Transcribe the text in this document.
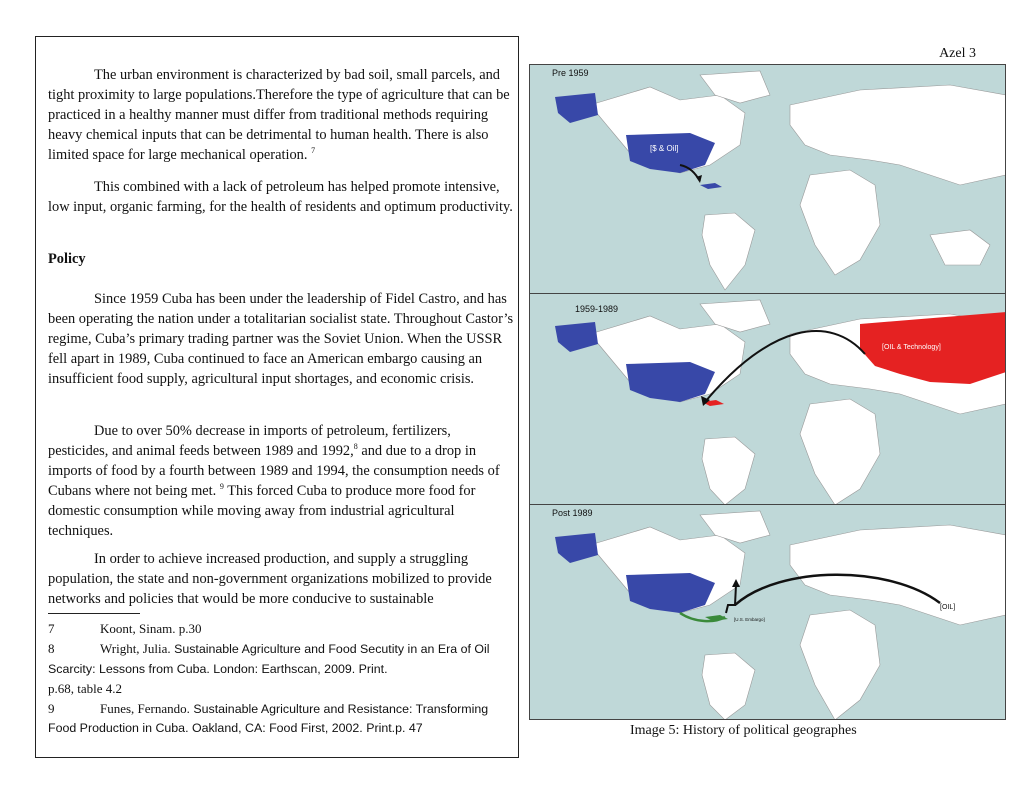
Azel 3

The urban environment is characterized by bad soil, small parcels, and tight proximity to large populations.Therefore the type of agriculture that can be practiced in a healthy manner must differ from traditional methods requiring heavy chemical inputs that can be detrimental to human health. There is also limited space for large mechanical operation. $^7$

This combined with a lack of petroleum has helped promote intensive, low input, organic farming, for the health of residents and optimum productivity.

Policy

Since 1959 Cuba has been under the leadership of Fidel Castro, and has been operating the nation under a totalitarian socialist state. Throughout Castor’s regime, Cuba’s primary trading partner was the Soviet Union. When the USSR fell apart in 1989, Cuba continued to face an American embargo causing an insufficient food supply, agricultural input shortages, and economic crisis.

Due to over 50% decrease in imports of petroleum, fertilizers, pesticides, and animal feeds between 1989 and 1992,$^8$ and due to a drop in imports of food by a fourth between 1989 and 1994, the consumption needs of Cubans where not being met. $^9$ This forced Cuba to produce more food for domestic consumption while moving away from industrial agricultural techniques.

In order to achieve increased production, and supply a struggling population, the state and non-government organizations mobilized to provide networks and policies that would be more conducive to sustainable

7	Koont, Sinam. p.30

8	Wright, Julia. Sustainable Agriculture and Food Secutity in an Era of Oil Scarcity: Lessons from Cuba. London: Earthscan, 2009. Print.
p.68, table 4.2

9	Funes, Fernando. Sustainable Agriculture and Resistance: Transforming Food Production in Cuba. Oakland, CA: Food First, 2002. Print.p. 47

[$ & Oil]
Pre 1959
[OIL & Technology]
1959-1989
[OIL]
[U.S. Embargo]
Post 1989
Image 5: History of political geographes
